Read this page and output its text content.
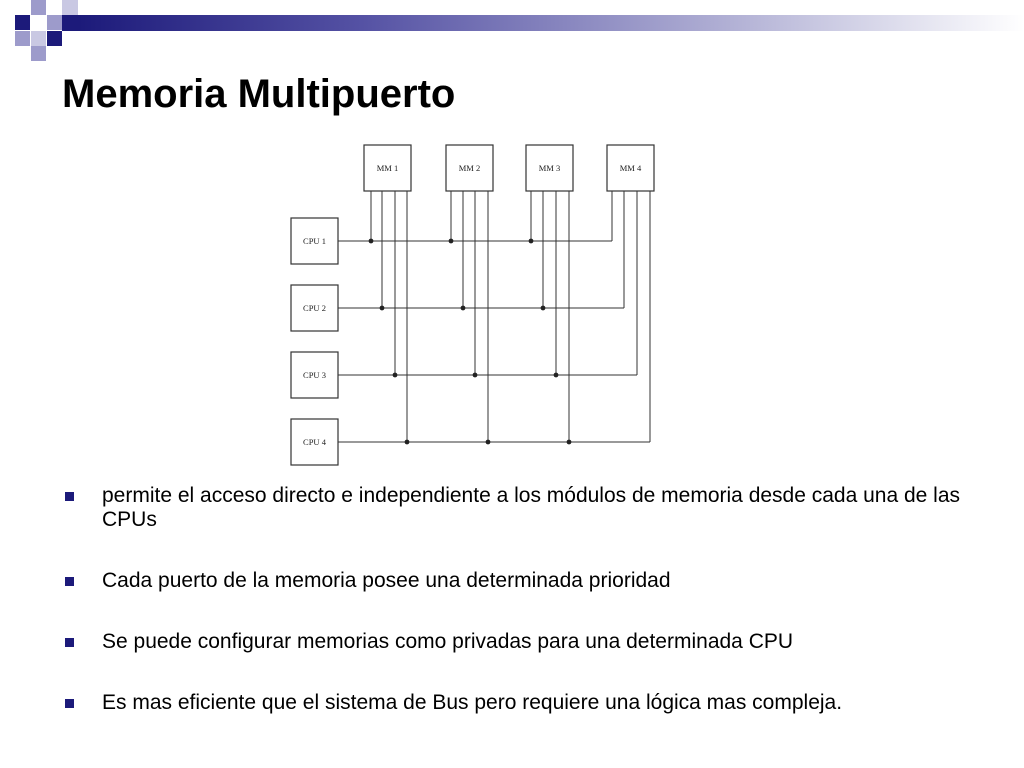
Memoria Multipuerto
MM 1	MM 2	MM 3	MM 4
CPU 1
CPU 2
CPU 3
CPU 4
permite el acceso directo e independiente a los módulos de memoria desde cada una de las CPUs
Cada puerto de la memoria posee una determinada prioridad
Se puede configurar memorias como privadas para una determinada CPU
Es mas eficiente que el sistema de Bus pero requiere una lógica mas compleja.
